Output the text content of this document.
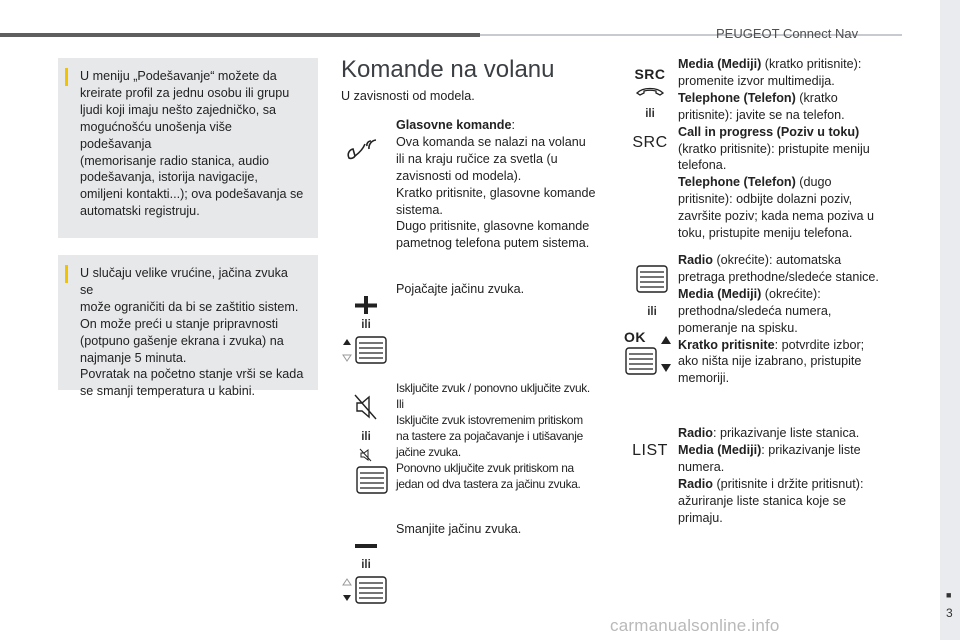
PEUGEOT Connect Nav
■
3
U meniju „Podešavanje“ možete da
kreirate profil za jednu osobu ili grupu
ljudi koji imaju nešto zajedničko, sa
mogućnošću unošenja više podešavanja
(memorisanje radio stanica, audio
podešavanja, istorija navigacije,
omiljeni kontakti...); ova podešavanja se
automatski registruju.
U slučaju velike vrućine, jačina zvuka se
može ograničiti da bi se zaštitio sistem.
On može preći u stanje pripravnosti
(potpuno gašenje ekrana i zvuka) na
najmanje 5 minuta.
Povratak na početno stanje vrši se kada
se smanji temperatura u kabini.
Komande na volanu
U zavisnosti od modela.
Glasovne komande:
Ova komanda se nalazi na volanu
ili na kraju ručice za svetla (u
zavisnosti od modela).
Kratko pritisnite, glasovne komande
sistema.
Dugo pritisnite, glasovne komande
pametnog telefona putem sistema.
ili
Pojačajte jačinu zvuka.
ili
Isključite zvuk / ponovno uključite zvuk.
Ili
Isključite zvuk istovremenim pritiskom
na tastere za pojačavanje i utišavanje
jačine zvuka.
Ponovno uključite zvuk pritiskom na
jedan od dva tastera za jačinu zvuka.
ili
Smanjite jačinu zvuka.
SRC
ili
SRC
Media (Mediji) (kratko pritisnite):
promenite izvor multimedija.
Telephone (Telefon) (kratko
pritisnite): javite se na telefon.
Call in progress (Poziv u toku)
(kratko pritisnite): pristupite meniju
telefona.
Telephone (Telefon) (dugo
pritisnite): odbijte dolazni poziv,
završite poziv; kada nema poziva u
toku, pristupite meniju telefona.
ili
OK
Radio (okrećite): automatska
pretraga prethodne/sledeće stanice.
Media (Mediji) (okrećite):
prethodna/sledeća numera,
pomeranje na spisku.
Kratko pritisnite: potvrdite izbor;
ako ništa nije izabrano, pristupite
memoriji.
LIST
Radio: prikazivanje liste stanica.
Media (Mediji): prikazivanje liste
numera.
Radio (pritisnite i držite pritisnut):
ažuriranje liste stanica koje se
primaju.
carmanualsonline.info
